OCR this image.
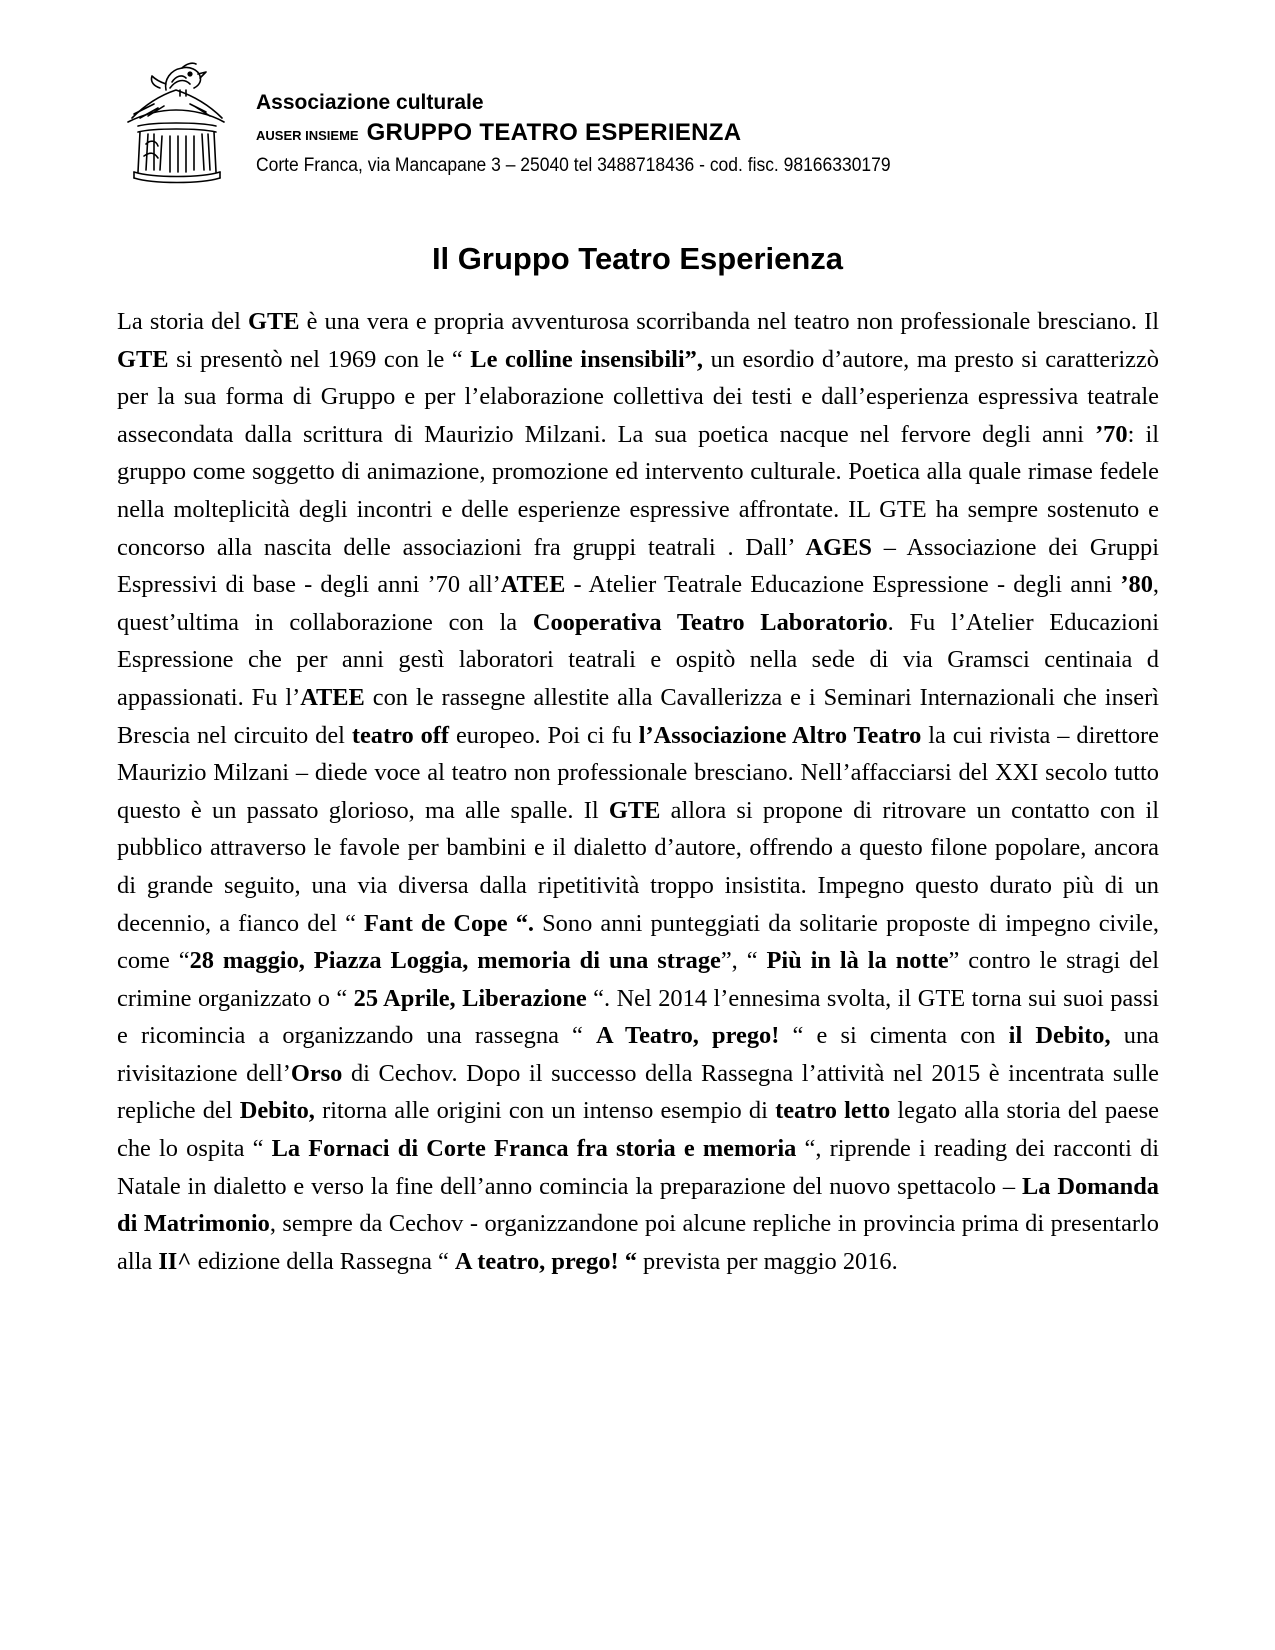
Associazione culturale
AUSER INSIEME GRUPPO TEATRO ESPERIENZA
Corte Franca, via Mancapane 3 – 25040 tel 3488718436 - cod. fisc. 98166330179
Il Gruppo Teatro Esperienza

La storia del GTE è una vera e propria avventurosa scorribanda nel teatro non professionale bresciano. Il GTE si presentò nel 1969 con le “ Le colline insensibili”, un esordio d’autore, ma presto si caratterizzò per la sua forma di Gruppo e per l’elaborazione collettiva dei testi e dall’esperienza espressiva teatrale assecondata dalla scrittura di Maurizio Milzani. La sua poetica nacque nel fervore degli anni ’70: il gruppo come soggetto di animazione, promozione ed intervento culturale. Poetica alla quale rimase fedele nella molteplicità degli incontri e delle esperienze espressive affrontate. IL GTE ha sempre sostenuto e concorso alla nascita delle associazioni fra gruppi teatrali . Dall’ AGES – Associazione dei Gruppi Espressivi di base - degli anni ’70 all’ATEE - Atelier Teatrale Educazione Espressione - degli anni ’80, quest’ultima in collaborazione con la Cooperativa Teatro Laboratorio. Fu l’Atelier Educazioni Espressione che per anni gestì laboratori teatrali e ospitò nella sede di via Gramsci centinaia d appassionati. Fu l’ATEE con le rassegne allestite alla Cavallerizza e i Seminari Internazionali che inserì Brescia nel circuito del teatro off europeo. Poi ci fu l’Associazione Altro Teatro la cui rivista – direttore Maurizio Milzani – diede voce al teatro non professionale bresciano. Nell’affacciarsi del XXI secolo tutto questo è un passato glorioso, ma alle spalle. Il GTE allora si propone di ritrovare un contatto con il pubblico attraverso le favole per bambini e il dialetto d’autore, offrendo a questo filone popolare, ancora di grande seguito, una via diversa dalla ripetitività troppo insistita. Impegno questo durato più di un decennio, a fianco del “ Fant de Cope “. Sono anni punteggiati da solitarie proposte di impegno civile, come “28 maggio, Piazza Loggia, memoria di una strage”, “ Più in là la notte” contro le stragi del crimine organizzato o “ 25 Aprile, Liberazione “. Nel 2014 l’ennesima svolta, il GTE torna sui suoi passi e ricomincia a organizzando una rassegna “ A Teatro, prego! “ e si cimenta con il Debito, una rivisitazione dell’Orso di Cechov. Dopo il successo della Rassegna l’attività nel 2015 è incentrata sulle repliche del Debito, ritorna alle origini con un intenso esempio di teatro letto legato alla storia del paese che lo ospita “ La Fornaci di Corte Franca fra storia e memoria “, riprende i reading dei racconti di Natale in dialetto e verso la fine dell’anno comincia la preparazione del nuovo spettacolo – La Domanda di Matrimonio, sempre da Cechov - organizzandone poi alcune repliche in provincia prima di presentarlo alla II^ edizione della Rassegna “ A teatro, prego! “ prevista per maggio 2016.
